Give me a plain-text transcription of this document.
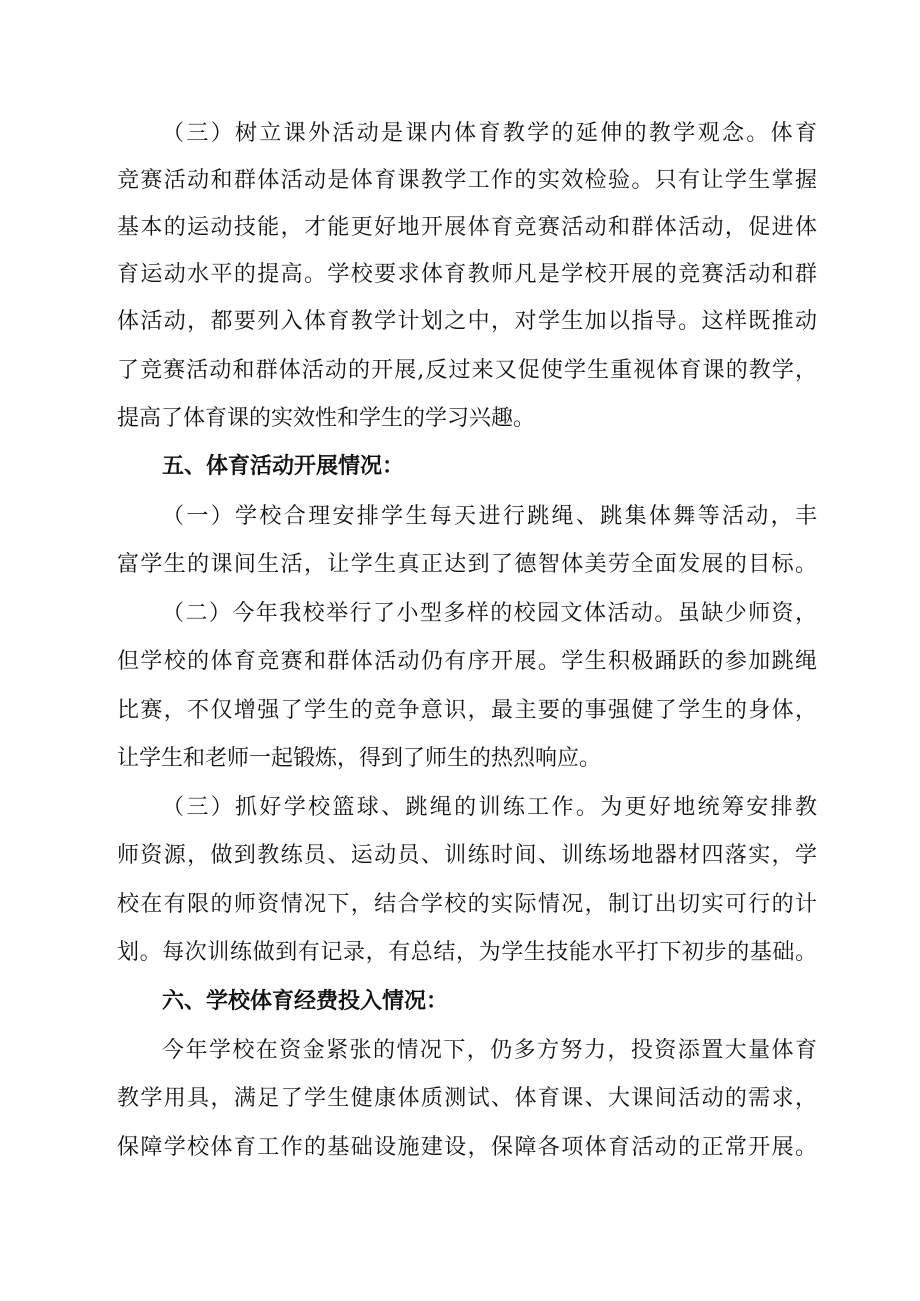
（三）树立课外活动是课内体育教学的延伸的教学观念。体育

竞赛活动和群体活动是体育课教学工作的实效检验。只有让学生掌握

基本的运动技能，才能更好地开展体育竞赛活动和群体活动，促进体

育运动水平的提高。学校要求体育教师凡是学校开展的竞赛活动和群

体活动，都要列入体育教学计划之中，对学生加以指导。这样既推动

了竞赛活动和群体活动的开展,反过来又促使学生重视体育课的教学，

提高了体育课的实效性和学生的学习兴趣。

五、体育活动开展情况：

（一）学校合理安排学生每天进行跳绳、跳集体舞等活动，丰

富学生的课间生活，让学生真正达到了德智体美劳全面发展的目标。

（二）今年我校举行了小型多样的校园文体活动。虽缺少师资，

但学校的体育竞赛和群体活动仍有序开展。学生积极踊跃的参加跳绳

比赛，不仅增强了学生的竞争意识，最主要的事强健了学生的身体，

让学生和老师一起锻炼，得到了师生的热烈响应。

（三）抓好学校篮球、跳绳的训练工作。为更好地统筹安排教

师资源，做到教练员、运动员、训练时间、训练场地器材四落实，学

校在有限的师资情况下，结合学校的实际情况，制订出切实可行的计

划。每次训练做到有记录，有总结，为学生技能水平打下初步的基础。

六、学校体育经费投入情况：

今年学校在资金紧张的情况下，仍多方努力，投资添置大量体育

教学用具，满足了学生健康体质测试、体育课、大课间活动的需求，

保障学校体育工作的基础设施建设，保障各项体育活动的正常开展。
